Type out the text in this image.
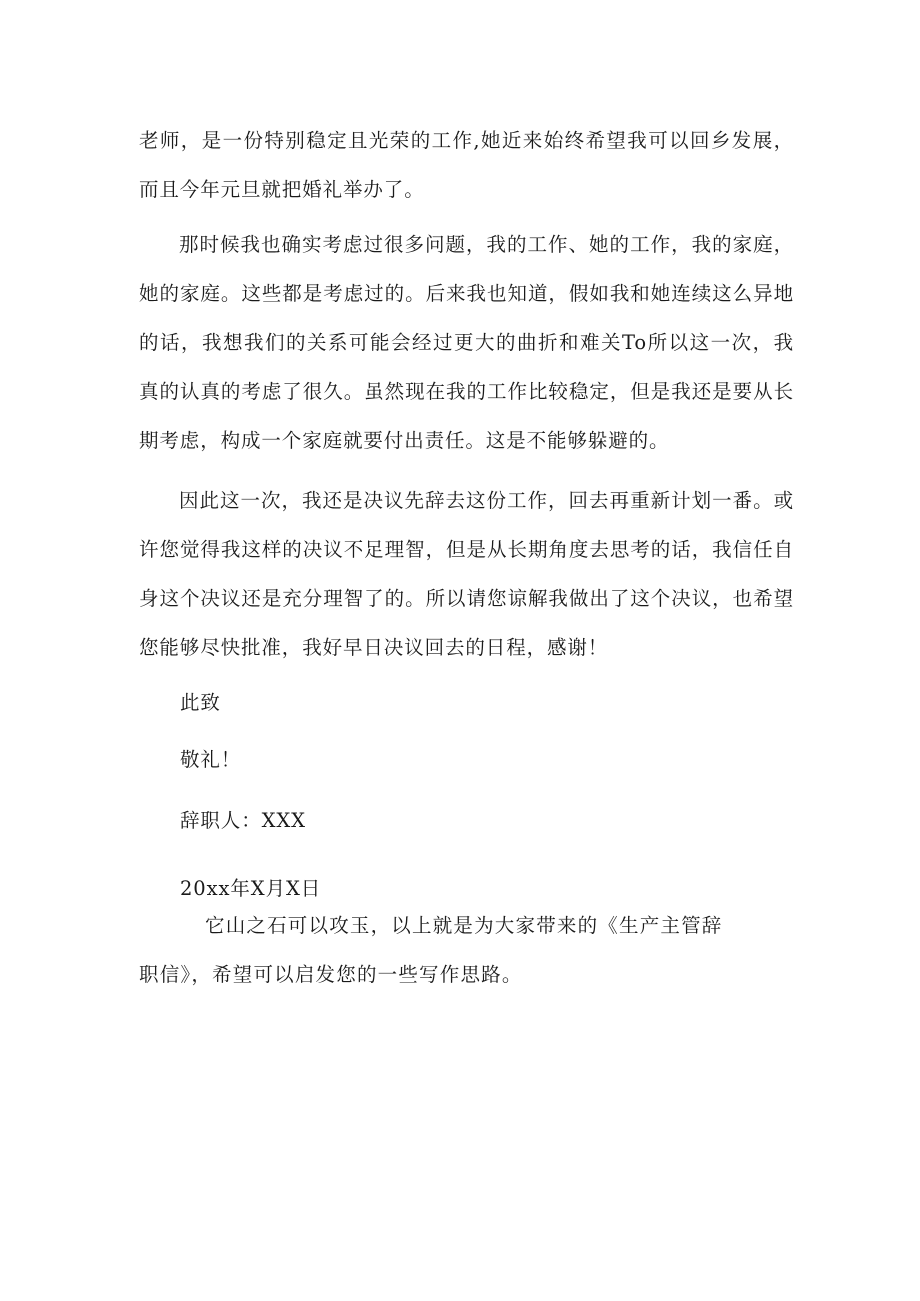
老师，是一份特别稳定且光荣的工作,她近来始终希望我可以回乡发展，而且今年元旦就把婚礼举办了。

那时候我也确实考虑过很多问题，我的工作、她的工作，我的家庭，她的家庭。这些都是考虑过的。后来我也知道，假如我和她连续这么异地的话，我想我们的关系可能会经过更大的曲折和难关To所以这一次，我真的认真的考虑了很久。虽然现在我的工作比较稳定，但是我还是要从长期考虑，构成一个家庭就要付出责任。这是不能够躲避的。

因此这一次，我还是决议先辞去这份工作，回去再重新计划一番。或许您觉得我这样的决议不足理智，但是从长期角度去思考的话，我信任自身这个决议还是充分理智了的。所以请您谅解我做出了这个决议，也希望您能够尽快批准，我好早日决议回去的日程，感谢！

此致

敬礼！

辞职人：XXX

20xx年X月X日

它山之石可以攻玉，以上就是为大家带来的《生产主管辞职信》，希望可以启发您的一些写作思路。
